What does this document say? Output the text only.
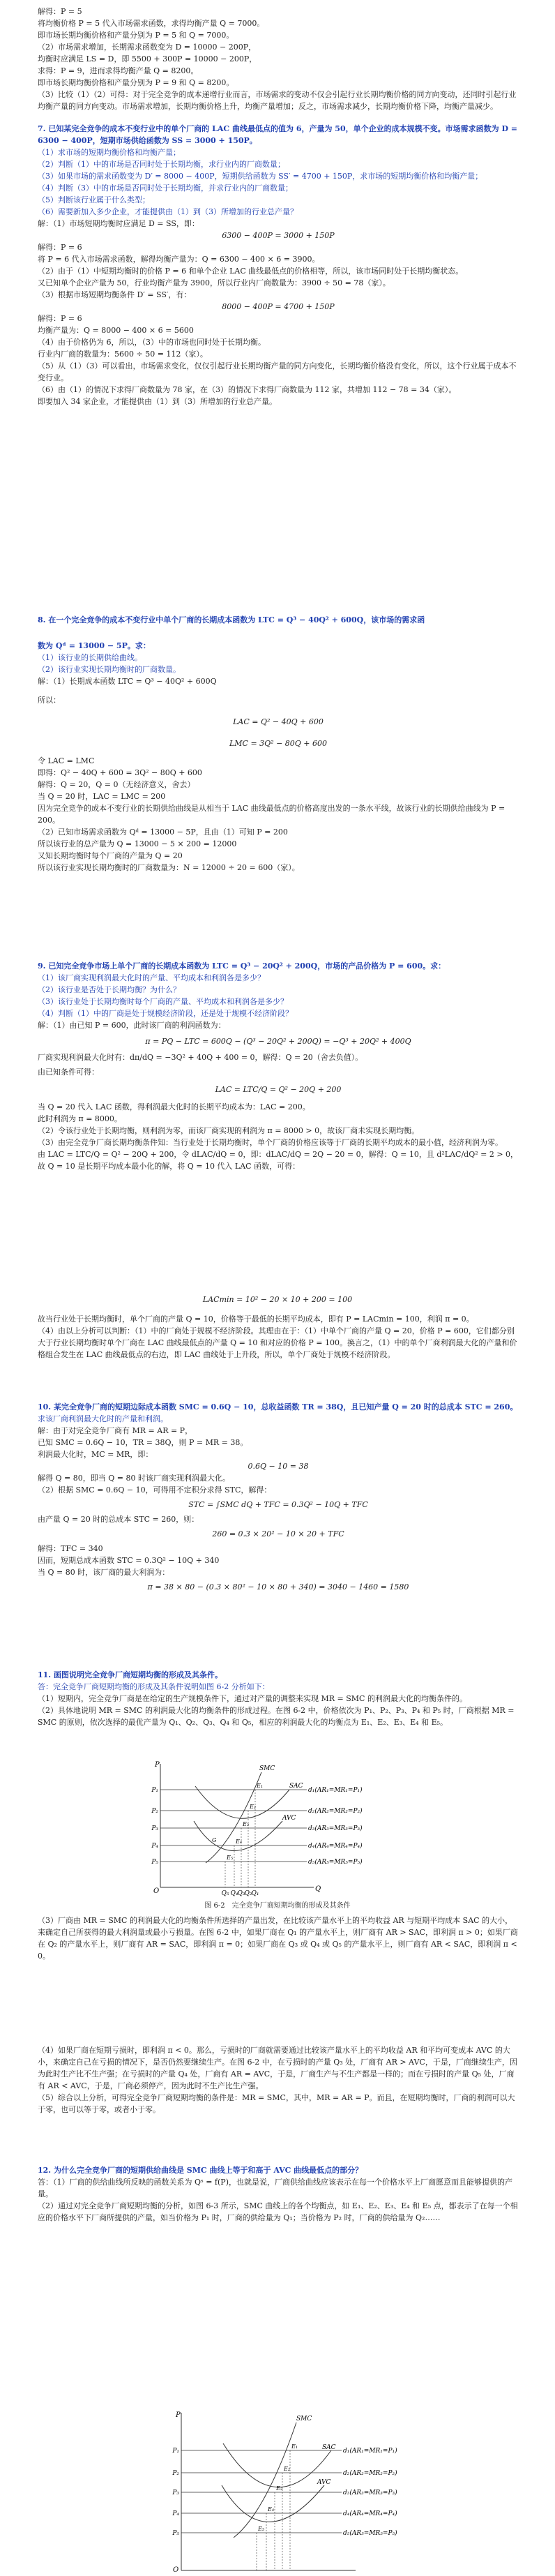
解得：P = 5

将均衡价格 P = 5 代入市场需求函数，求得均衡产量 Q = 7000。

即市场长期均衡价格和产量分别为 P = 5 和 Q = 7000。

（2）市场需求增加，长期需求函数变为 D = 10000 − 200P，

均衡时应满足 LS = D，即 5500 + 300P = 10000 − 200P，

求得：P = 9，进而求得均衡产量 Q = 8200。

即市场长期均衡价格和产量分别为 P = 9 和 Q = 8200。

（3）比较（1）（2）可得：对于完全竞争的成本递增行业而言，市场需求的变动不仅会引起行业长期均衡价格的同方向变动，还同时引起行业均衡产量的同方向变动。市场需求增加，长期均衡价格上升，均衡产量增加；反之，市场需求减少，长期均衡价格下降，均衡产量减少。

7. 已知某完全竞争的成本不变行业中的单个厂商的 LAC 曲线最低点的值为 6，产量为 50，单个企业的成本规模不变。市场需求函数为 D = 6300 − 400P，短期市场供给函数为 SS = 3000 + 150P。

（1）求市场的短期均衡价格和均衡产量；

（2）判断（1）中的市场是否同时处于长期均衡，求行业内的厂商数量；

（3）如果市场的需求函数变为 D′ = 8000 − 400P，短期供给函数为 SS′ = 4700 + 150P，求市场的短期均衡价格和均衡产量；

（4）判断（3）中的市场是否同时处于长期均衡，并求行业内的厂商数量；

（5）判断该行业属于什么类型；

（6）需要新加入多少企业，才能提供由（1）到（3）所增加的行业总产量？

解：（1）市场短期均衡时应满足 D = SS，即：

6300 − 400P = 3000 + 150P

解得：P = 6

将 P = 6 代入市场需求函数，解得均衡产量为：Q = 6300 − 400 × 6 = 3900。

（2）由于（1）中短期均衡时的价格 P = 6 和单个企业 LAC 曲线最低点的价格相等，所以，该市场同时处于长期均衡状态。

又已知单个企业产量为 50，行业均衡产量为 3900，所以行业内厂商数量为：3900 ÷ 50 = 78（家）。

（3）根据市场短期均衡条件 D′ = SS′，有：

8000 − 400P = 4700 + 150P

解得：P = 6

均衡产量为：Q = 8000 − 400 × 6 = 5600

（4）由于价格仍为 6，所以，（3）中的市场也同时处于长期均衡。

行业内厂商的数量为：5600 ÷ 50 = 112（家）。

（5）从（1）（3）可以看出，市场需求变化，仅仅引起行业长期均衡产量的同方向变化，长期均衡价格没有变化，所以，这个行业属于成本不变行业。

（6）由（1）的情况下求得厂商数量为 78 家，在（3）的情况下求得厂商数量为 112 家，共增加 112 − 78 = 34（家）。

即要加入 34 家企业，才能提供由（1）到（3）所增加的行业总产量。

8. 在一个完全竞争的成本不变行业中单个厂商的长期成本函数为 LTC = Q³ − 40Q² + 600Q，该市场的需求函

数为 Qᵈ = 13000 − 5P。求：

（1）该行业的长期供给曲线。

（2）该行业实现长期均衡时的厂商数量。

解：（1）长期成本函数 LTC = Q³ − 40Q² + 600Q

所以：

LAC = Q² − 40Q + 600

LMC = 3Q² − 80Q + 600

令 LAC = LMC

即得：Q² − 40Q + 600 = 3Q² − 80Q + 600

解得：Q = 20，Q = 0（无经济意义，舍去）

当 Q = 20 时，LAC = LMC = 200

因为完全竞争的成本不变行业的长期供给曲线是从相当于 LAC 曲线最低点的价格高度出发的一条水平线，故该行业的长期供给曲线为 P = 200。

（2）已知市场需求函数为 Qᵈ = 13000 − 5P，且由（1）可知 P = 200

所以该行业的总产量为 Q = 13000 − 5 × 200 = 12000

又知长期均衡时每个厂商的产量为 Q = 20

所以该行业实现长期均衡时的厂商数量为：N = 12000 ÷ 20 = 600（家）。

9. 已知完全竞争市场上单个厂商的长期成本函数为 LTC = Q³ − 20Q² + 200Q，市场的产品价格为 P = 600。求：

（1）该厂商实现利润最大化时的产量、平均成本和利润各是多少？

（2）该行业是否处于长期均衡？为什么？

（3）该行业处于长期均衡时每个厂商的产量、平均成本和利润各是多少？

（4）判断（1）中的厂商是处于规模经济阶段，还是处于规模不经济阶段？

解：（1）由已知 P = 600，此时该厂商的利润函数为：

π = PQ − LTC = 600Q − (Q³ − 20Q² + 200Q) = −Q³ + 20Q² + 400Q

厂商实现利润最大化时有：dπ/dQ = −3Q² + 40Q + 400 = 0，解得：Q = 20（舍去负值）。

由已知条件可得：

LAC = LTC/Q = Q² − 20Q + 200

当 Q = 20 代入 LAC 函数，得利润最大化时的长期平均成本为：LAC = 200。

此时利润为 π = 8000。

（2）令该行业处于长期均衡，则利润为零，而该厂商实现的利润为 π = 8000 > 0，故该厂商未实现长期均衡。

（3）由完全竞争厂商长期均衡条件知：当行业处于长期均衡时，单个厂商的价格应该等于厂商的长期平均成本的最小值，经济利润为零。

由 LAC = LTC/Q = Q² − 20Q + 200，令 dLAC/dQ = 0，即：dLAC/dQ = 2Q − 20 = 0，解得：Q = 10，且 d²LAC/dQ² = 2 > 0，故 Q = 10 是长期平均成本最小化的解，将 Q = 10 代入 LAC 函数，可得：

LACmin = 10² − 20 × 10 + 200 = 100

故当行业处于长期均衡时，单个厂商的产量 Q = 10，价格等于最低的长期平均成本，即有 P = LACmin = 100，利润 π = 0。

（4）由以上分析可以判断：（1）中的厂商处于规模不经济阶段。其理由在于：（1）中单个厂商的产量 Q = 20，价格 P = 600，它们都分别大于行业长期均衡时单个厂商在 LAC 曲线最低点的产量 Q = 10 和对应的价格 P = 100。换言之，（1）中的单个厂商利润最大化的产量和价格组合发生在 LAC 曲线最低点的右边，即 LAC 曲线处于上升段，所以，单个厂商处于规模不经济阶段。

10. 某完全竞争厂商的短期边际成本函数 SMC = 0.6Q − 10，总收益函数 TR = 38Q，且已知产量 Q = 20 时的总成本 STC = 260。

求该厂商利润最大化时的产量和利润。

解：由于对完全竞争厂商有 MR = AR = P，

已知 SMC = 0.6Q − 10，TR = 38Q，则 P = MR = 38。

利润最大化时，MC = MR，即：

0.6Q − 10 = 38

解得 Q = 80，即当 Q = 80 时该厂商实现利润最大化。

（2）根据 SMC = 0.6Q − 10，可得用不定积分求得 STC，解得：

STC = ∫SMC dQ + TFC = 0.3Q² − 10Q + TFC

由产量 Q = 20 时的总成本 STC = 260，则：

260 = 0.3 × 20² − 10 × 20 + TFC

解得：TFC = 340

因而，短期总成本函数 STC = 0.3Q² − 10Q + 340

当 Q = 80 时，该厂商的最大利润为：

π = 38 × 80 − (0.3 × 80² − 10 × 80 + 340) = 3040 − 1460 = 1580

11. 画图说明完全竞争厂商短期均衡的形成及其条件。

答：完全竞争厂商短期均衡的形成及其条件说明如图 6-2 分析如下：

（1）短期内，完全竞争厂商是在给定的生产规模条件下，通过对产量的调整来实现 MR = SMC 的利润最大化的均衡条件的。

（2）具体地说明 MR = SMC 的利润最大化的均衡条件的形成过程。在图 6-2 中，价格依次为 P₁、P₂、P₃、P₄ 和 P₅ 时，厂商根据 MR = SMC 的原则，依次选择的最优产量为 Q₁、Q₂、Q₃、Q₄ 和 Q₅，相应的利润最大化的均衡点为 E₁、E₂、E₃、E₄ 和 E₅。

P
Q
O
d₁(AR₁=MR₁=P₁)
d₂(AR₂=MR₂=P₂)
d₃(AR₃=MR₃=P₃)
d₄(AR₄=MR₄=P₄)
d₅(AR₅=MR₅=P₅)
P₁
P₂
P₃
P₄
P₅
SMC
SAC
AVC
Q₅ Q₄ Q₃ Q₂ Q₁
E₁
E₂
E₃
E₄
E₅
G

图 6-2　完全竞争厂商短期均衡的形成及其条件

（3）厂商由 MR = SMC 的利润最大化的均衡条件所选择的产量出发，在比较该产量水平上的平均收益 AR 与短期平均成本 SAC 的大小，来确定自己所获得的最大利润量或最小亏损量。在图 6-2 中，如果厂商在 Q₁ 的产量水平上，则厂商有 AR > SAC，即利润 π > 0；如果厂商在 Q₂ 的产量水平上，则厂商有 AR = SAC，即利润 π = 0；如果厂商在 Q₃ 或 Q₄ 或 Q₅ 的产量水平上，则厂商有 AR < SAC，即利润 π < 0。

（4）如果厂商在短期亏损时，即利润 π < 0。那么，亏损时的厂商就需要通过比较该产量水平上的平均收益 AR 和平均可变成本 AVC 的大小，来确定自己在亏损的情况下，是否仍然要继续生产。在图 6-2 中，在亏损时的产量 Q₃ 处，厂商有 AR > AVC，于是，厂商继续生产，因为此时生产比不生产强；在亏损时的产量 Q₄ 处，厂商有 AR = AVC，于是，厂商生产与不生产都是一样的；而在亏损时的产量 Q₅ 处，厂商有 AR < AVC，于是，厂商必须停产，因为此时不生产比生产强。

（5）综合以上分析，可得完全竞争厂商短期均衡的条件是：MR = SMC，其中，MR = AR = P。而且，在短期均衡时，厂商的利润可以大于零，也可以等于零，或者小于零。

12. 为什么完全竞争厂商的短期供给曲线是 SMC 曲线上等于和高于 AVC 曲线最低点的部分？

答：（1）厂商的供给曲线所反映的函数关系为 Qˢ = f(P)，也就是说，厂商供给曲线应该表示在每一个价格水平上厂商愿意而且能够提供的产量。

（2）通过对完全竞争厂商短期均衡的分析，如图 6-3 所示，SMC 曲线上的各个均衡点，如 E₁、E₂、E₃、E₄ 和 E₅ 点，都表示了在每一个相应的价格水平下厂商所提供的产量，如当价格为 P₁ 时，厂商的供给量为 Q₁；当价格为 P₂ 时，厂商的供给量为 Q₂……

P
O
d₁(AR₁=MR₁=P₁)
d₂(AR₂=MR₂=P₂)
d₃(AR₃=MR₃=P₃)
d₄(AR₄=MR₄=P₄)
d₅(AR₅=MR₅=P₅)
P₁
P₂
P₃
P₄
P₅
SMC
SAC
AVC
E₁
E₂
E₃
E₄
E₅
